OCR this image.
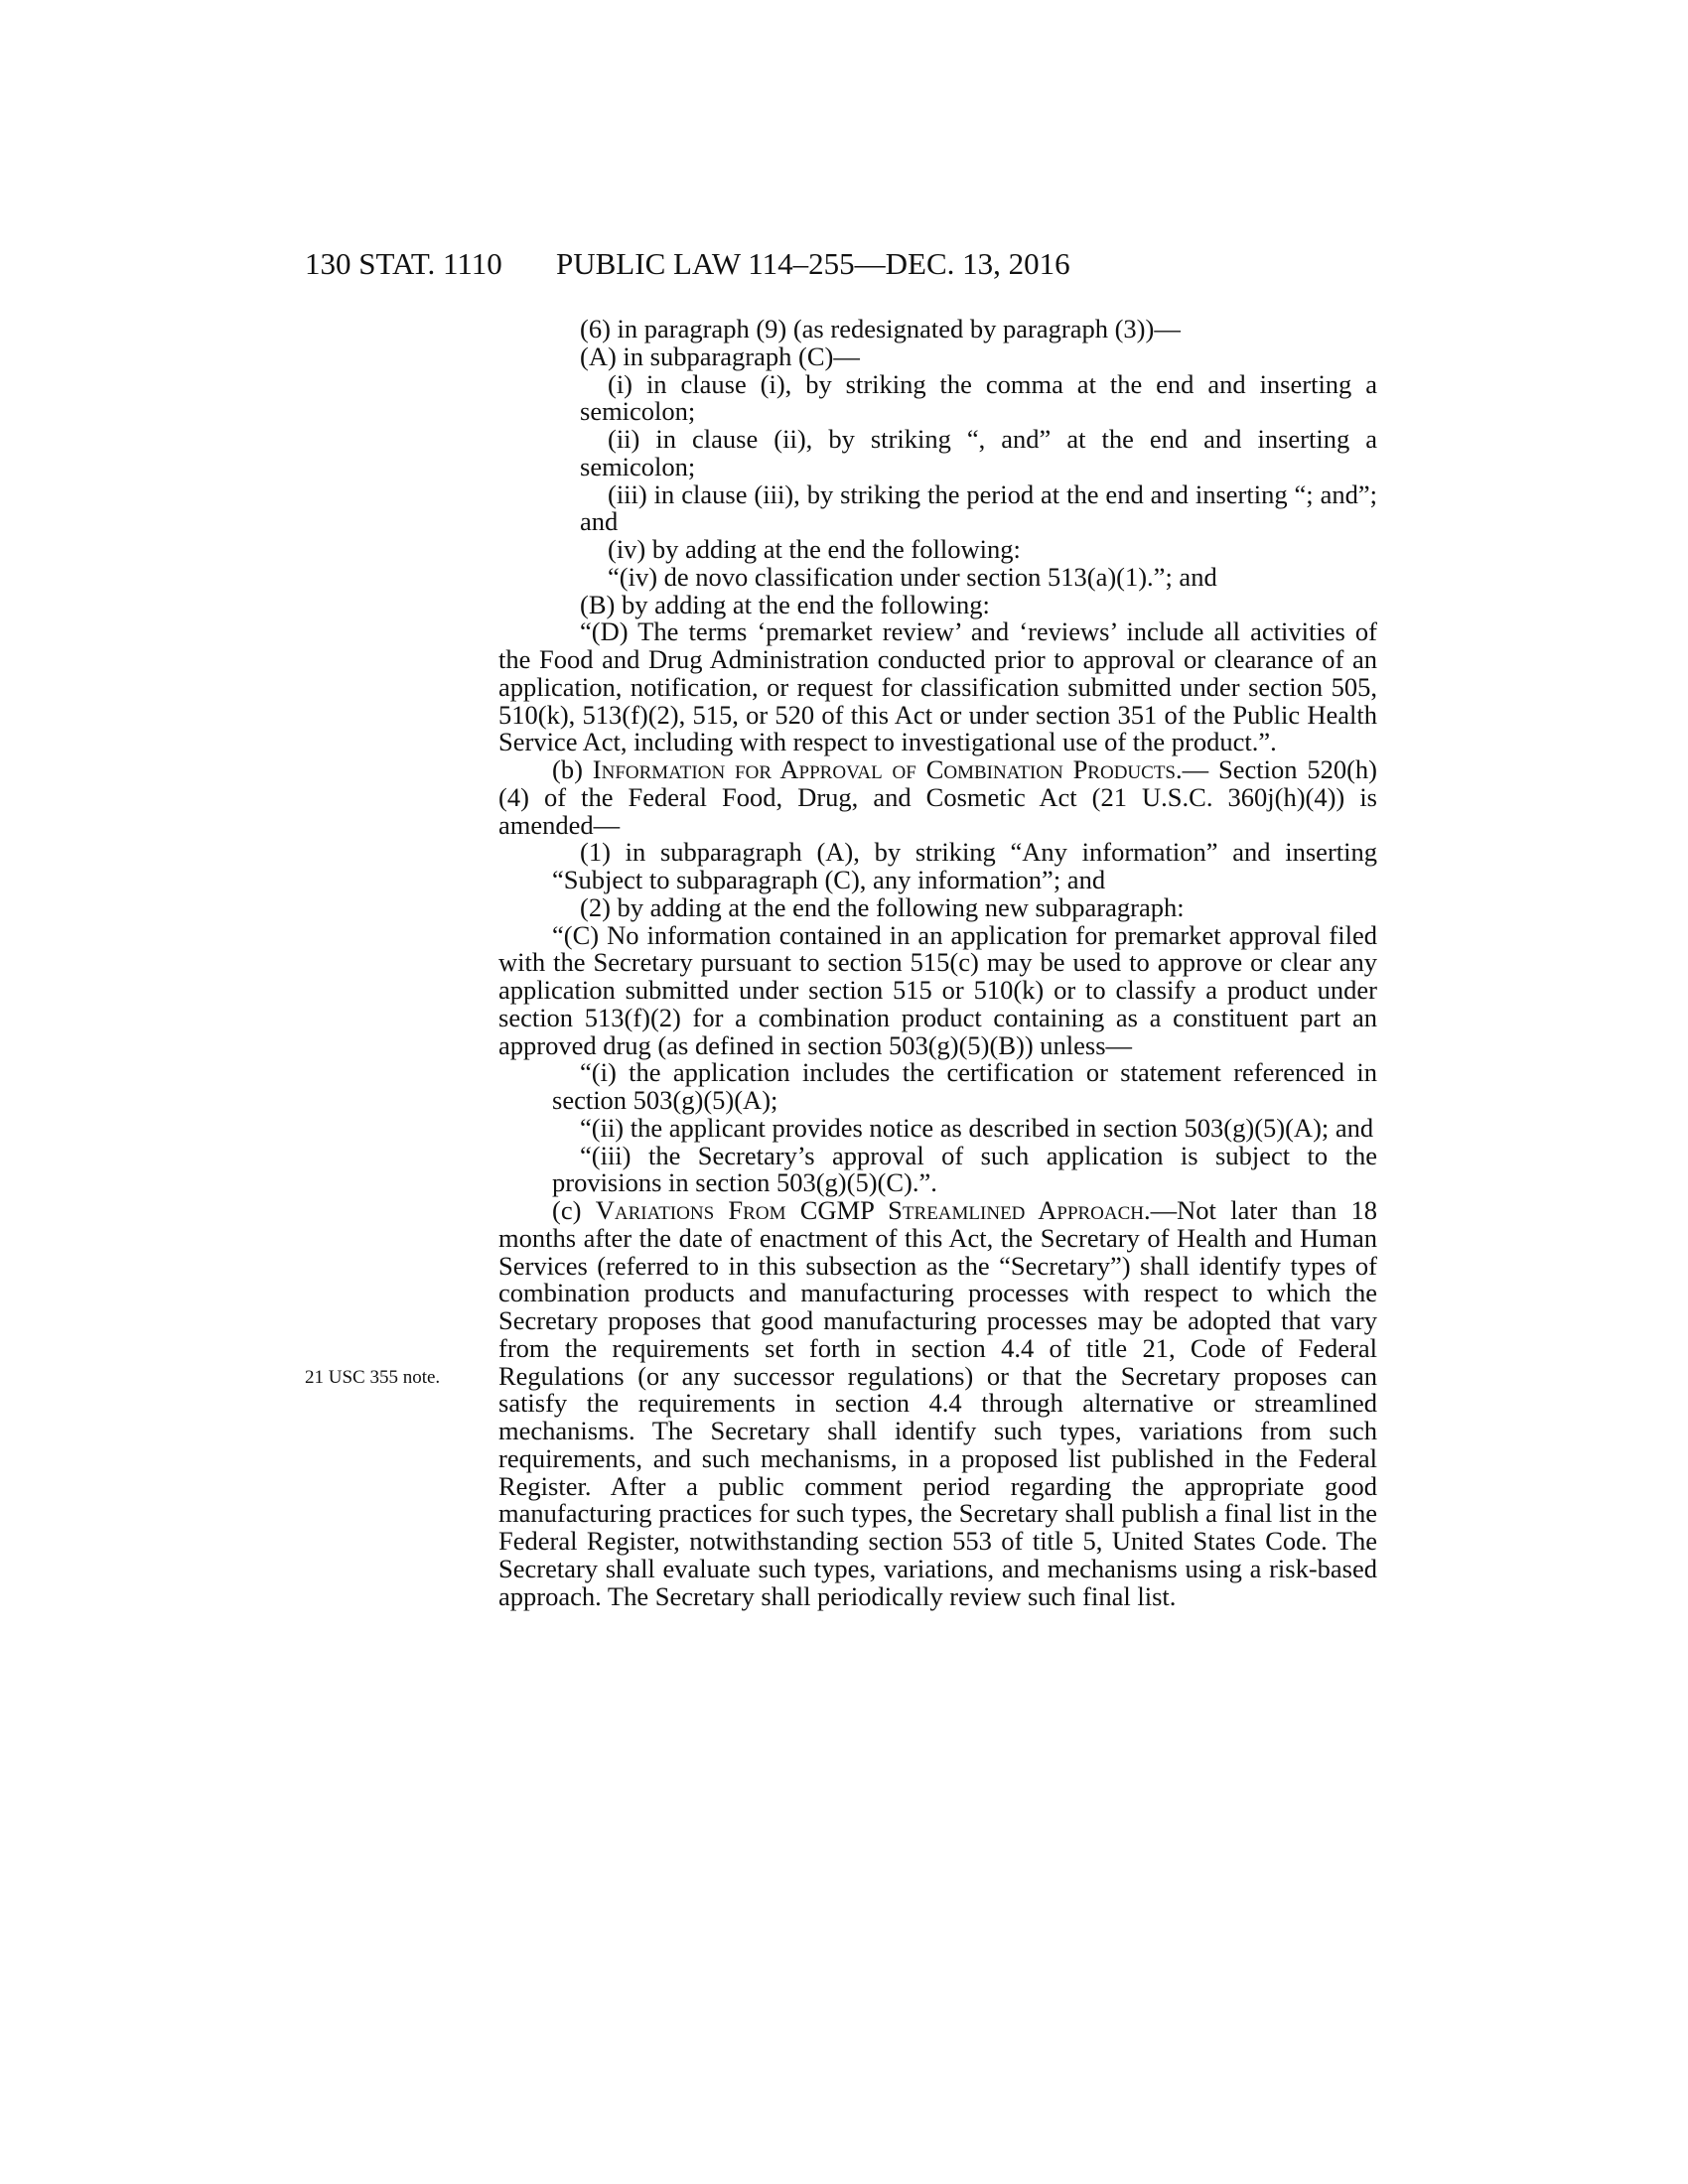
130 STAT. 1110 PUBLIC LAW 114–255—DEC. 13, 2016
21 USC 355 note.

(6) in paragraph (9) (as redesignated by paragraph (3))—

(A) in subparagraph (C)—

(i) in clause (i), by striking the comma at the end and inserting a semicolon;

(ii) in clause (ii), by striking “, and” at the end and inserting a semicolon;

(iii) in clause (iii), by striking the period at the end and inserting “; and”; and

(iv) by adding at the end the following:

“(iv) de novo classification under section 513(a)(1).”; and

(B) by adding at the end the following:

“(D) The terms ‘premarket review’ and ‘reviews’ include all activities of the Food and Drug Administration conducted prior to approval or clearance of an application, notification, or request for classification submitted under section 505, 510(k), 513(f)(2), 515, or 520 of this Act or under section 351 of the Public Health Service Act, including with respect to investigational use of the product.”.

(b) Information for Approval of Combination Products.— Section 520(h)(4) of the Federal Food, Drug, and Cosmetic Act (21 U.S.C. 360j(h)(4)) is amended—

(1) in subparagraph (A), by striking “Any information” and inserting “Subject to subparagraph (C), any information”; and

(2) by adding at the end the following new subparagraph:

“(C) No information contained in an application for premarket approval filed with the Secretary pursuant to section 515(c) may be used to approve or clear any application submitted under section 515 or 510(k) or to classify a product under section 513(f)(2) for a combination product containing as a constituent part an approved drug (as defined in section 503(g)(5)(B)) unless—

“(i) the application includes the certification or statement referenced in section 503(g)(5)(A);

“(ii) the applicant provides notice as described in section 503(g)(5)(A); and

“(iii) the Secretary’s approval of such application is subject to the provisions in section 503(g)(5)(C).”.

(c) Variations From CGMP Streamlined Approach.—Not later than 18 months after the date of enactment of this Act, the Secretary of Health and Human Services (referred to in this subsection as the “Secretary”) shall identify types of combination products and manufacturing processes with respect to which the Secretary proposes that good manufacturing processes may be adopted that vary from the requirements set forth in section 4.4 of title 21, Code of Federal Regulations (or any successor regulations) or that the Secretary proposes can satisfy the requirements in section 4.4 through alternative or streamlined mechanisms. The Secretary shall identify such types, variations from such requirements, and such mechanisms, in a proposed list published in the Federal Register. After a public comment period regarding the appropriate good manufacturing practices for such types, the Secretary shall publish a final list in the Federal Register, notwithstanding section 553 of title 5, United States Code. The Secretary shall evaluate such types, variations, and mechanisms using a risk-based approach. The Secretary shall periodically review such final list.
